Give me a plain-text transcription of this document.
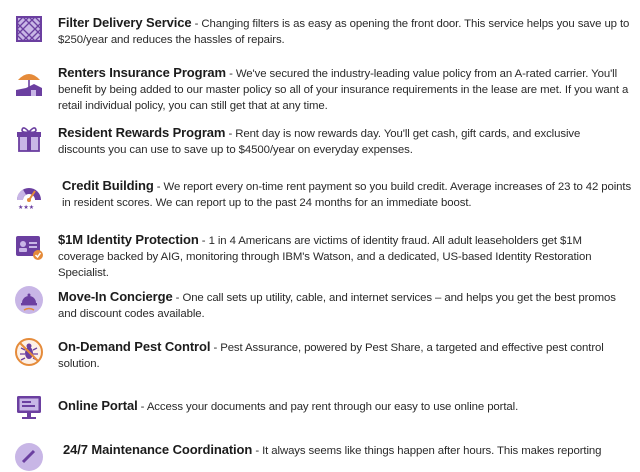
Filter Delivery Service - Changing filters is as easy as opening the front door. This service helps you save up to $250/year and reduces the hassles of repairs.
Renters Insurance Program - We've secured the industry-leading value policy from an A-rated carrier. You'll benefit by being added to our master policy so all of your insurance requirements in the lease are met. If you want a retail individual policy, you can still get that at any time.
Resident Rewards Program - Rent day is now rewards day. You'll get cash, gift cards, and exclusive discounts you can use to save up to $4500/year on everyday expenses.
★★★
Credit Building - We report every on-time rent payment so you build credit. Average increases of 23 to 42 points in resident scores. We can report up to the past 24 months for an immediate boost.
$1M Identity Protection - 1 in 4 Americans are victims of identity fraud. All adult leaseholders get $1M coverage backed by AIG, monitoring through IBM's Watson, and a dedicated, US-based Identity Restoration Specialist.
Move-In Concierge - One call sets up utility, cable, and internet services – and helps you get the best promos and discount codes available.
On-Demand Pest Control - Pest Assurance, powered by Pest Share, a targeted and effective pest control solution.
Online Portal - Access your documents and pay rent through our easy to use online portal.
24/7 Maintenance Coordination - It always seems like things happen after hours. This makes reporting
